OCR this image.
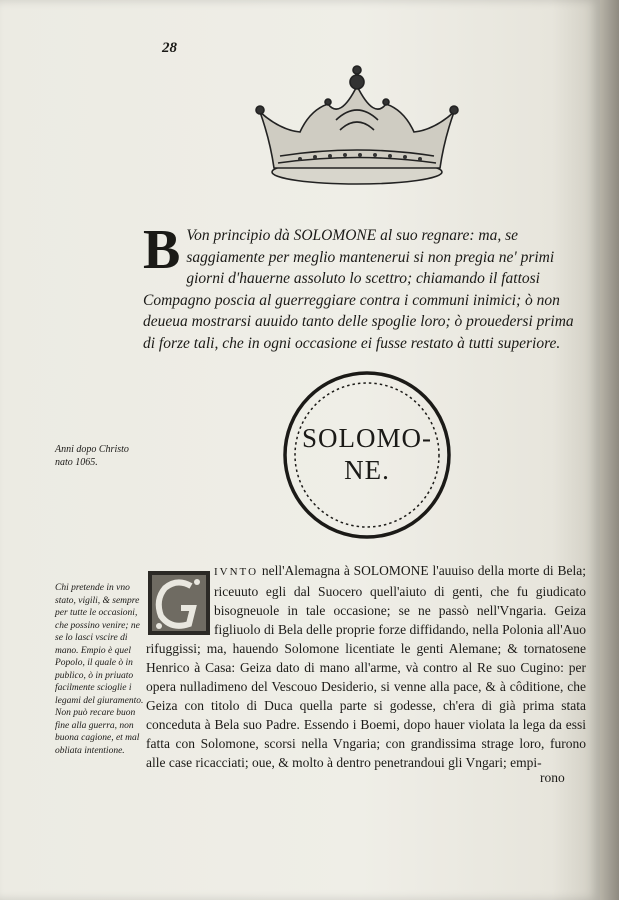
28
B Von principio dà SOLOMONE al suo regnare: ma, se saggiamente per meglio mantenerui si non pregia ne' primi giorni d'hauerne assoluto lo scettro; chiamando il fattosi Compagno poscia al guerreggiare contra i communi inimici; ò non deueua mostrarsi auuido tanto delle spoglie loro; ò prouedersi prima di forze tali, che in ogni occasione ei fusse restato à tutti superiore.
SOLOMO-
NE.
Anni dopo Christo nato 1065.
Chi pretende in vno stato, vigili, & sempre per tutte le occasioni, che possino venire; ne se lo lasci vscire di mano. Empio è quel Popolo, il quale ò in publico, ò in priuato facilmente scioglie i legami del giuramento. Non può recare buon fine alla guerra, non buona cagione, et mal obliata intentione.
IVNTO nell'Alemagna à SOLOMONE l'auuiso della morte di Bela; riceuuto egli dal Suocero quell'aiuto di genti, che fu giudicato bisogneuole in tale occasione; se ne passò nell'Vngaria. Geiza figliuolo di Bela delle proprie forze diffidando, nella Polonia all'Auo rifuggissi; ma, hauendo Solomone licentiate le genti Alemane; & tornatosene Henrico à Casa: Geiza dato di mano all'arme, và contro al Re suo Cugino: per opera nulladimeno del Vescouo Desiderio, si venne alla pace, & à côditione, che Geiza con titolo di Duca quella parte si godesse, ch'era di già prima stata conceduta à Bela suo Padre. Essendo i Boemi, dopo hauer violata la lega da essi fatta con Solomone, scorsi nella Vngaria; con grandissima strage loro, furono alle case ricacciati; oue, & molto à dentro penetrandoui gli Vngari; empi-
rono
